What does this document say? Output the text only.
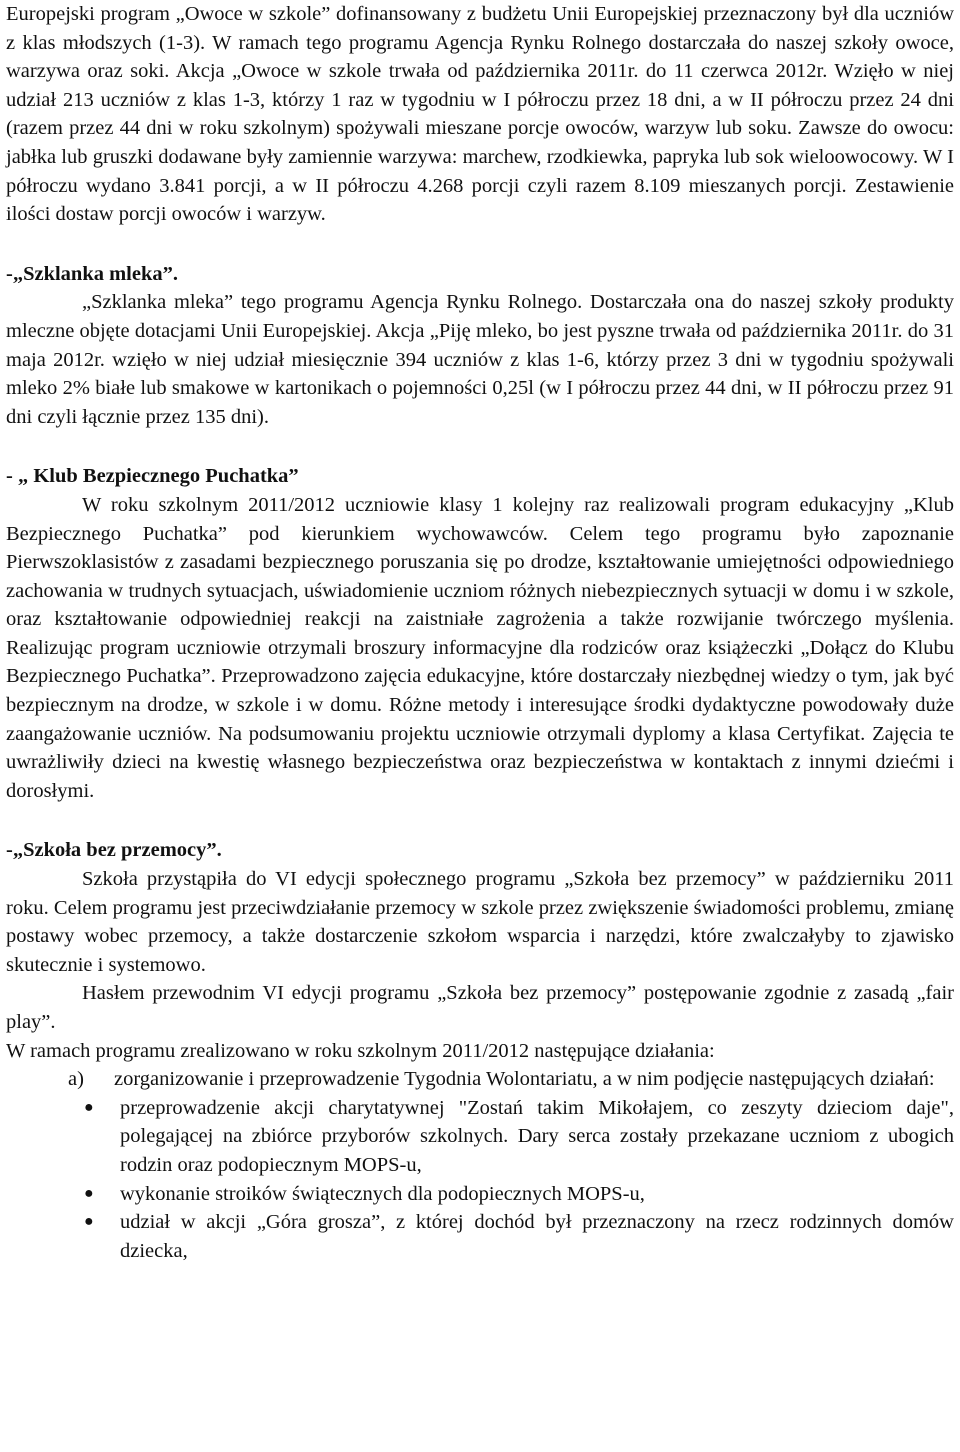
Europejski program „Owoce w szkole” dofinansowany z budżetu Unii Europejskiej przeznaczony był dla uczniów z klas młodszych (1-3). W ramach tego programu Agencja Rynku Rolnego dostarczała do naszej szkoły owoce, warzywa oraz soki. Akcja „Owoce w szkole trwała od października 2011r. do 11 czerwca 2012r. Wzięło w niej udział 213 uczniów z klas 1-3, którzy 1 raz w tygodniu w I półroczu przez 18 dni, a w II półroczu przez 24 dni (razem przez 44 dni w roku szkolnym) spożywali mieszane porcje owoców, warzyw lub soku. Zawsze do owocu: jabłka lub gruszki dodawane były zamiennie warzywa: marchew, rzodkiewka, papryka lub sok wieloowocowy. W I półroczu wydano 3.841 porcji, a w II półroczu 4.268 porcji czyli razem 8.109 mieszanych porcji. Zestawienie ilości dostaw porcji owoców i warzyw.

-„Szklanka mleka”.

„Szklanka mleka” tego programu Agencja Rynku Rolnego. Dostarczała ona do naszej szkoły produkty mleczne objęte dotacjami Unii Europejskiej. Akcja „Piję mleko, bo jest pyszne trwała od października 2011r. do 31 maja 2012r. wzięło w niej udział miesięcznie 394 uczniów z klas 1-6, którzy przez 3 dni w tygodniu spożywali mleko 2% białe lub smakowe w kartonikach o pojemności 0,25l (w I półroczu przez 44 dni, w II półroczu przez 91 dni czyli łącznie przez 135 dni).

- „ Klub Bezpiecznego Puchatka”

W roku szkolnym 2011/2012 uczniowie klasy 1 kolejny raz realizowali program edukacyjny „Klub Bezpiecznego Puchatka” pod kierunkiem wychowawców. Celem tego programu było zapoznanie Pierwszoklasistów z zasadami bezpiecznego poruszania się po drodze, kształtowanie umiejętności odpowiedniego zachowania w trudnych sytuacjach, uświadomienie uczniom różnych niebezpiecznych sytuacji w domu i w szkole, oraz kształtowanie odpowiedniej reakcji na zaistniałe zagrożenia a także rozwijanie twórczego myślenia. Realizując program uczniowie otrzymali broszury informacyjne dla rodziców oraz książeczki „Dołącz do Klubu Bezpiecznego Puchatka”. Przeprowadzono zajęcia edukacyjne, które dostarczały niezbędnej wiedzy o tym, jak być bezpiecznym na drodze, w szkole i w domu. Różne metody i interesujące środki dydaktyczne powodowały duże zaangażowanie uczniów. Na podsumowaniu projektu uczniowie otrzymali dyplomy a klasa Certyfikat. Zajęcia te uwrażliwiły dzieci na kwestię własnego bezpieczeństwa oraz bezpieczeństwa w kontaktach z innymi dziećmi i dorosłymi.

-„Szkoła bez przemocy”.

Szkoła przystąpiła do VI edycji społecznego programu „Szkoła bez przemocy” w październiku 2011 roku. Celem programu jest przeciwdziałanie przemocy w szkole przez zwiększenie świadomości problemu, zmianę postawy wobec przemocy, a także dostarczenie szkołom wsparcia i narzędzi, które zwalczałyby to zjawisko skutecznie i systemowo.

Hasłem przewodnim VI edycji programu „Szkoła bez przemocy” postępowanie zgodnie z zasadą „fair play”.

W ramach programu zrealizowano w roku szkolnym 2011/2012 następujące działania:

a)	zorganizowanie i przeprowadzenie Tygodnia Wolontariatu, a w nim podjęcie następujących działań:
●	przeprowadzenie akcji charytatywnej "Zostań takim Mikołajem, co zeszyty dzieciom daje", polegającej na zbiórce przyborów szkolnych. Dary serca zostały przekazane uczniom z ubogich rodzin oraz podopiecznym MOPS-u,
●	wykonanie stroików świątecznych dla podopiecznych MOPS-u,
●	udział w akcji „Góra grosza”, z której dochód był przeznaczony na rzecz rodzinnych domów dziecka,
